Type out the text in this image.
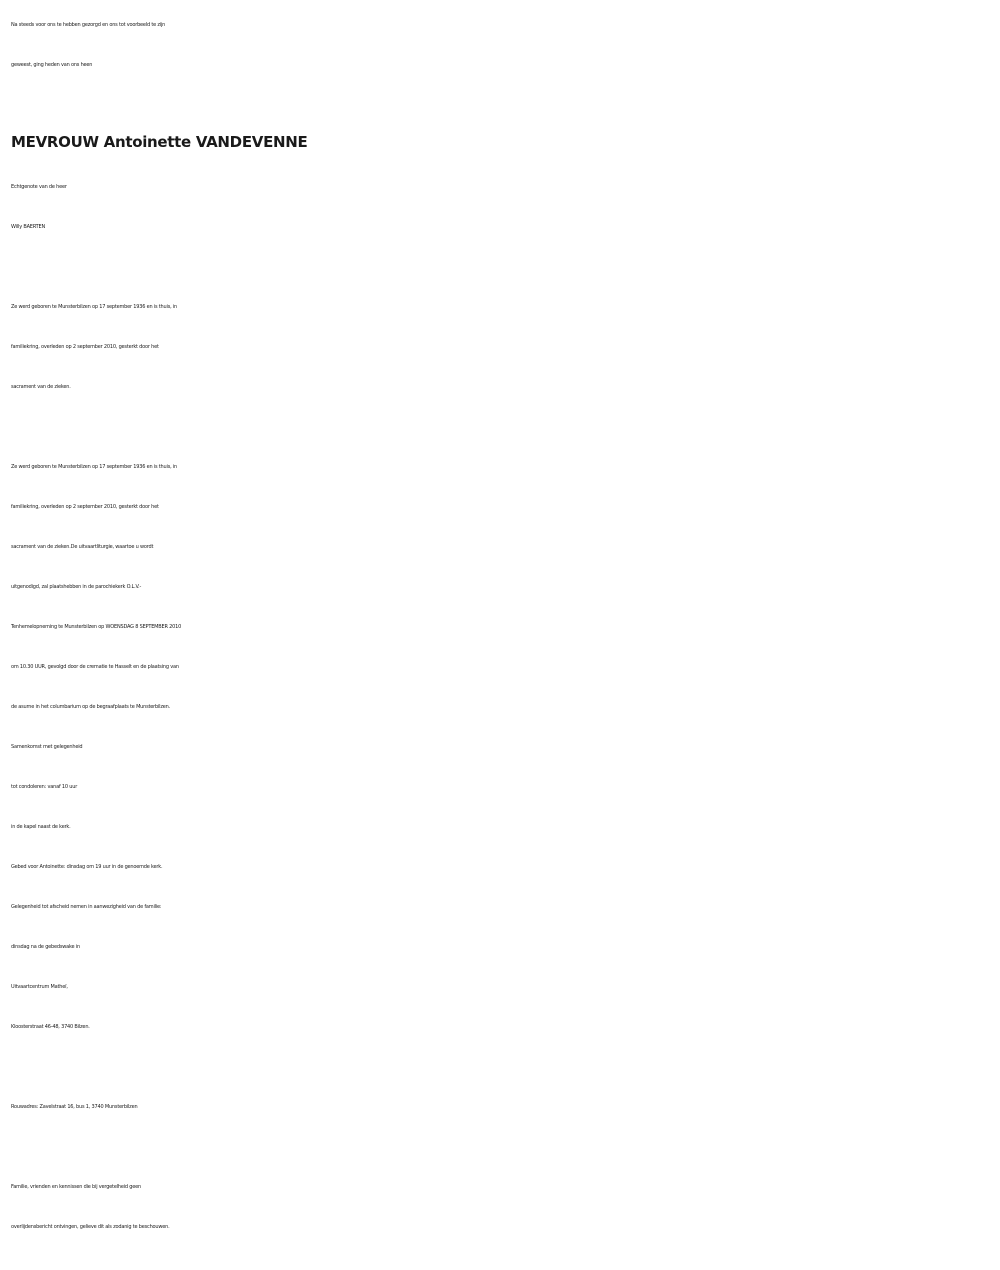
Na steeds voor ons te hebben gezorgd en ons tot voorbeeld te zijn
geweest, ging heden van ons heen
MEVROUW Antoinette VANDEVENNE
Echtgenote van de heer
Willy BAERTEN
Ze werd geboren te Munsterbilzen op 17 september 1936 en is thuis, in
familiekring, overleden op 2 september 2010, gesterkt door het
sacrament van de zieken.
Ze werd geboren te Munsterbilzen op 17 september 1936 en is thuis, in
familiekring, overleden op 2 september 2010, gesterkt door het
sacrament van de zieken.De uitvaartliturgie, waartoe u wordt
uitgenodigd, zal plaatshebben in de parochiekerk O.L.V.-
Tenhemelopneming te Munsterbilzen op WOENSDAG 8 SEPTEMBER 2010
om 10.30 UUR, gevolgd door de crematie te Hasselt en de plaatsing van
de asurne in het columbarium op de begraafplaats te Munsterbilzen.
Samenkomst met gelegenheid
tot condoleren: vanaf 10 uur
in de kapel naast de kerk.
Gebed voor Antoinette: dinsdag om 19 uur in de genoemde kerk.
Gelegenheid tot afscheid nemen in aanwezigheid van de familie:
dinsdag na de gebedswake in
Uitvaartcentrum Matheï,
Kloosterstraat 46-48, 3740 Bilzen.
Rouwadres: Zavelstraat 16, bus 1, 3740 Munsterbilzen
Familie, vrienden en kennissen die bij vergetelheid geen
overlijdensbericht ontvingen, gelieve dit als zodanig te beschouwen.
